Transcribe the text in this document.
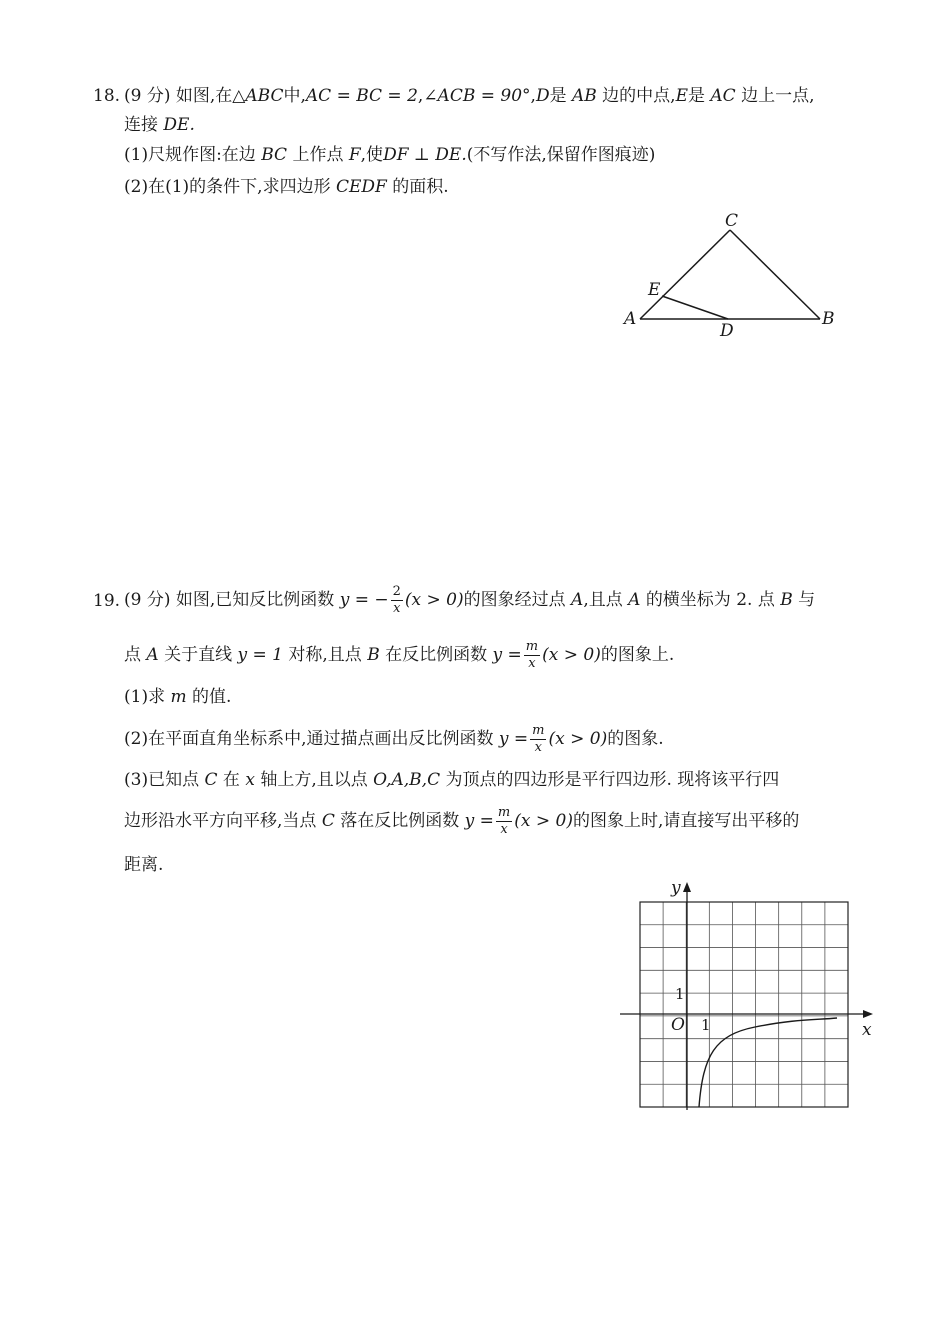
18. (9 分) 如图,在△ABC中,AC = BC = 2,∠ACB = 90°,D是 AB 边的中点,E是 AC 边上一点,
连接 DE.
(1)尺规作图:在边 BC 上作点 F,使DF ⊥ DE.(不写作法,保留作图痕迹)
(2)在(1)的条件下,求四边形 CEDF 的面积.
C
E
A
D
B
19. (9 分) 如图,已知反比例函数 y = − $\frac{2}{x} (x > 0)$的图象经过点 A,且点 A 的横坐标为 2. 点 B 与
点 A 关于直线 y = 1 对称,且点 B 在反比例函数 $y = \frac{m}{x} (x > 0)$的图象上.
(1)求 m 的值.
(2)在平面直角坐标系中,通过描点画出反比例函数 $y = \frac{m}{x} (x > 0)$的图象.
(3)已知点 C 在 x 轴上方,且以点 O,A,B,C 为顶点的四边形是平行四边形. 现将该平行四
边形沿水平方向平移,当点 C 落在反比例函数 $y = \frac{m}{x} (x > 0)$的图象上时,请直接写出平移的
距离.
y
x
O 1
1
